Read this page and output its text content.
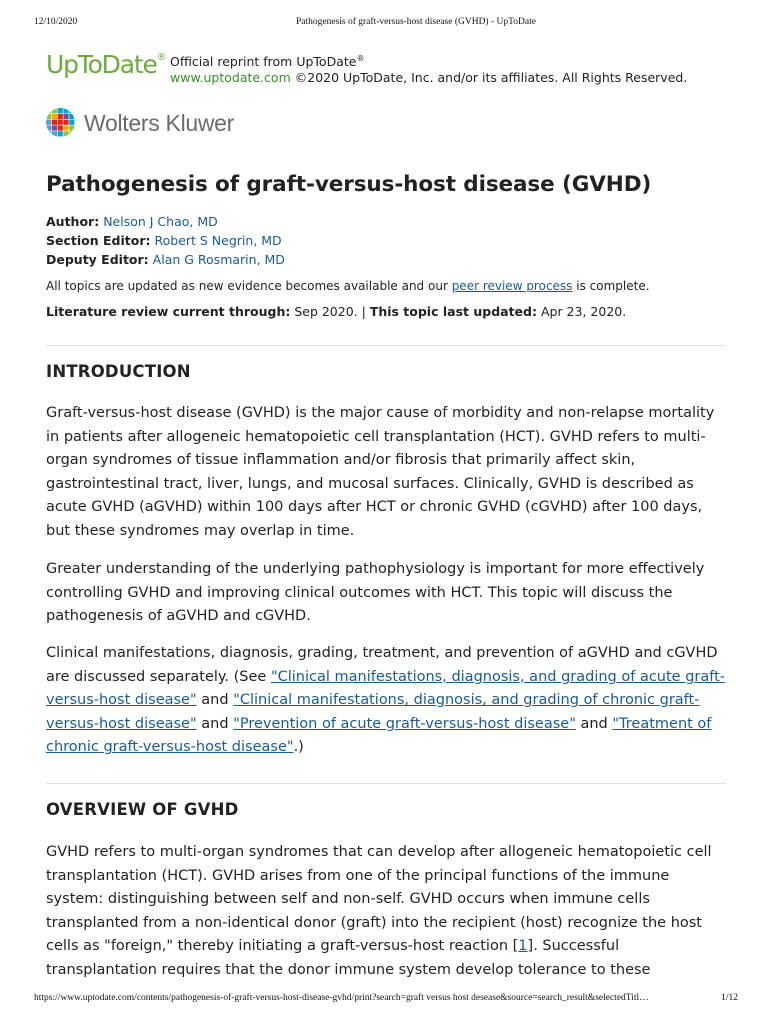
12/10/2020	Pathogenesis of graft-versus-host disease (GVHD) - UpToDate
UpToDate® Official reprint from UpToDate®
www.uptodate.com ©2020 UpToDate, Inc. and/or its affiliates. All Rights Reserved.
Wolters Kluwer
Pathogenesis of graft-versus-host disease (GVHD)
Author: Nelson J Chao, MD
Section Editor: Robert S Negrin, MD
Deputy Editor: Alan G Rosmarin, MD
All topics are updated as new evidence becomes available and our peer review process is complete.
Literature review current through: Sep 2020. | This topic last updated: Apr 23, 2020.
INTRODUCTION

Graft-versus-host disease (GVHD) is the major cause of morbidity and non-relapse mortality in patients after allogeneic hematopoietic cell transplantation (HCT). GVHD refers to multi-organ syndromes of tissue inflammation and/or fibrosis that primarily affect skin, gastrointestinal tract, liver, lungs, and mucosal surfaces. Clinically, GVHD is described as acute GVHD (aGVHD) within 100 days after HCT or chronic GVHD (cGVHD) after 100 days, but these syndromes may overlap in time.

Greater understanding of the underlying pathophysiology is important for more effectively controlling GVHD and improving clinical outcomes with HCT. This topic will discuss the pathogenesis of aGVHD and cGVHD.

Clinical manifestations, diagnosis, grading, treatment, and prevention of aGVHD and cGVHD are discussed separately. (See "Clinical manifestations, diagnosis, and grading of acute graft-versus-host disease" and "Clinical manifestations, diagnosis, and grading of chronic graft-versus-host disease" and "Prevention of acute graft-versus-host disease" and "Treatment of chronic graft-versus-host disease".)

OVERVIEW OF GVHD

GVHD refers to multi-organ syndromes that can develop after allogeneic hematopoietic cell transplantation (HCT). GVHD arises from one of the principal functions of the immune system: distinguishing between self and non-self. GVHD occurs when immune cells transplanted from a non-identical donor (graft) into the recipient (host) recognize the host cells as "foreign," thereby initiating a graft-versus-host reaction [1]. Successful transplantation requires that the donor immune system develop tolerance to these

https://www.uptodate.com/contents/pathogenesis-of-graft-versus-host-disease-gvhd/print?search=graft versus host desease&source=search_result&selectedTitl…	1/12
